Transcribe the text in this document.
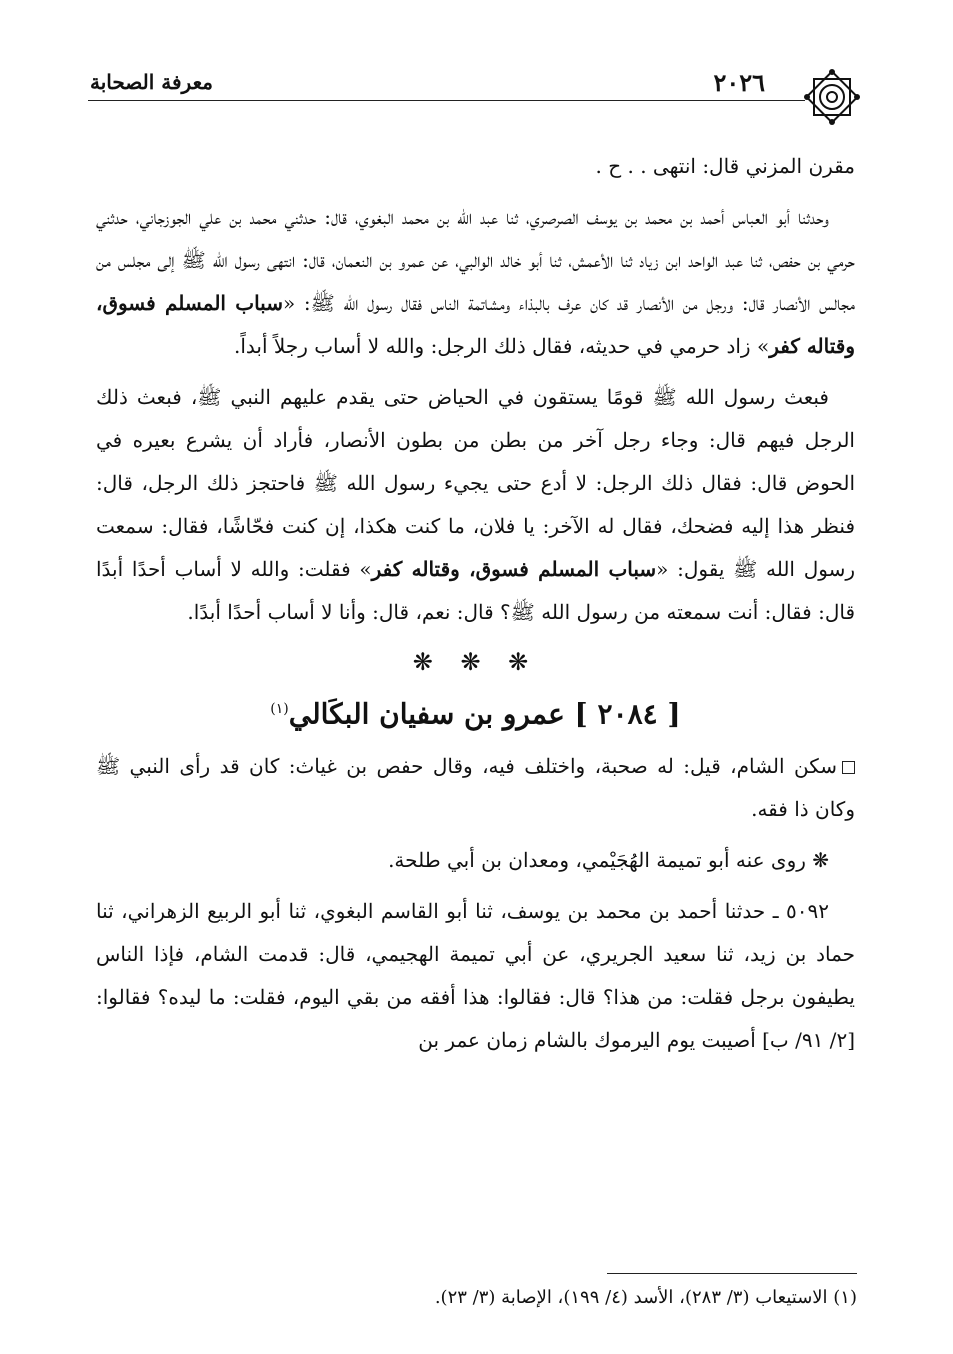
معرفة الصحابة	٢٠٢٦

مقرن المزني قال: انتهى . . ح .

وحدثنا أبو العباس أحمد بن محمد بن يوسف الصرصري، ثنا عبد الله بن محمد البغوي، قال: حدثني محمد بن علي الجوزجاني، حدثني حرمي بن حفص، ثنا عبد الواحد ابن زياد ثنا الأعمش، ثنا أبو خالد الوالبي، عن عمرو بن النعمان، قال: انتهى رسول الله ﷺ إلى مجلس من مجالس الأنصار قال: ورجل من الأنصار قد كان عرف بالبذاء ومشاتمة الناس فقال رسول الله ﷺ: «سباب المسلم فسوق، وقتاله كفر» زاد حرمي في حديثه، فقال ذلك الرجل: والله لا أساب رجلاً أبداً.

فبعث رسول الله ﷺ قومًا يستقون في الحياض حتى يقدم عليهم النبي ﷺ، فبعث ذلك الرجل فيهم قال: وجاء رجل آخر من بطن من بطون الأنصار، فأراد أن يشرع بعيره في الحوض قال: فقال ذلك الرجل: لا أدع حتى يجيء رسول الله ﷺ فاحتجز ذلك الرجل، قال: فنظر هذا إليه فضحك، فقال له الآخر: يا فلان، ما كنت هكذا، إن كنت فحّاشًا، فقال: سمعت رسول الله ﷺ يقول: «سباب المسلم فسوق، وقتاله كفر» فقلت: والله لا أساب أحدًا أبدًا قال: فقال: أنت سمعته من رسول الله ﷺ؟ قال: نعم، قال: وأنا لا أساب أحدًا أبدًا.

❋ ❋ ❋
[ ٢٠٨٤ ] عمرو بن سفيان البكَالي$^{(١)}$

سكن الشام، قيل: له صحبة، واختلف فيه، وقال حفص بن غياث: كان قد رأى النبي ﷺ وكان ذا فقه.

❋ روى عنه أبو تميمة الهُجَيْمي، ومعدان بن أبي طلحة.

٥٠٩٢ ـ حدثنا أحمد بن محمد بن يوسف، ثنا أبو القاسم البغوي، ثنا أبو الربيع الزهراني، ثنا حماد بن زيد، ثنا سعيد الجريري، عن أبي تميمة الهجيمي، قال: قدمت الشام، فإذا الناس يطيفون برجل فقلت: من هذا؟ قال: فقالوا: هذا أفقه من بقي اليوم، فقلت: ما ليده؟ فقالوا: [٢/ ٩١/ ب] أصيبت يوم اليرموك بالشام زمان عمر بن

(١) الاستيعاب (٣/ ٢٨٣)، الأسد (٤/ ١٩٩)، الإصابة (٣/ ٢٣).
